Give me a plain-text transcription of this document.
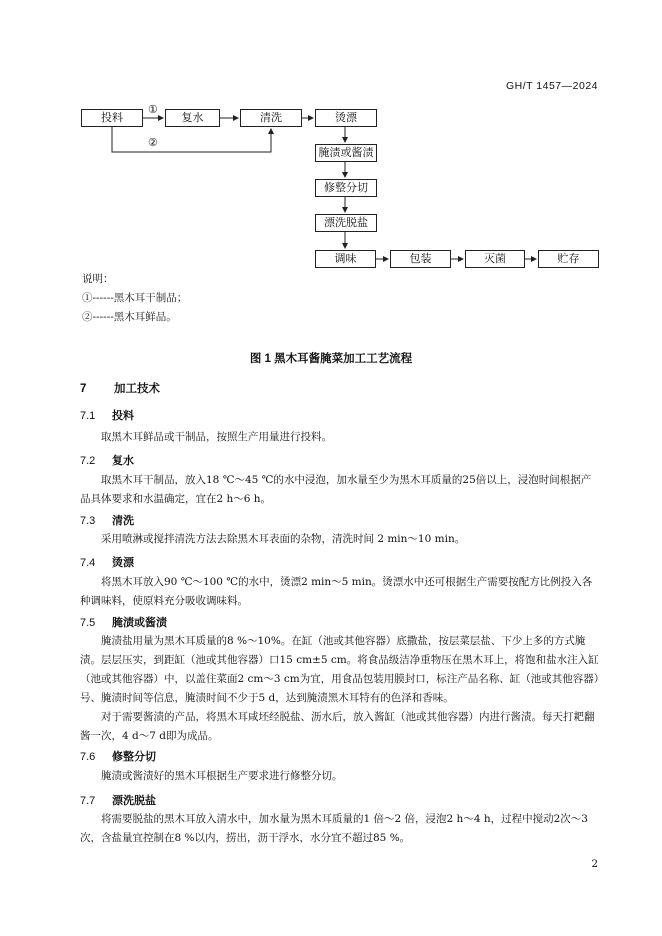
GH/T 1457—2024
投料	复水	清洗	烫漂
腌渍或酱渍
修整分切
漂洗脱盐
调味	包装	灭菌	贮存
①
②
说明：
①------黑木耳干制品；
②------黑木耳鲜品。
图 1 黑木耳酱腌菜加工工艺流程
7 加工技术
7.1 投料
取黑木耳鲜品或干制品，按照生产用量进行投料。
7.2 复水
取黑木耳干制品，放入18 ℃～45 ℃的水中浸泡，加水量至少为黑木耳质量的25倍以上，浸泡时间根据产品具体要求和水温确定，宜在2 h～6 h。
7.3 清洗
采用喷淋或搅拌清洗方法去除黑木耳表面的杂物，清洗时间 2 min～10 min。
7.4 烫漂
将黑木耳放入90 ℃～100 ℃的水中，烫漂2 min～5 min。烫漂水中还可根据生产需要按配方比例投入各种调味料，使原料充分吸收调味料。
7.5 腌渍或酱渍
腌渍盐用量为黑木耳质量的8 %～10%。在缸（池或其他容器）底撒盐，按层菜层盐、下少上多的方式腌渍。层层压实，到距缸（池或其他容器）口15 cm±5 cm。将食品级洁净重物压在黑木耳上，将饱和盐水注入缸（池或其他容器）中，以盖住菜面2 cm～3 cm为宜，用食品包装用膜封口，标注产品名称、缸（池或其他容器）号、腌渍时间等信息，腌渍时间不少于5 d，达到腌渍黑木耳特有的色泽和香味。
对于需要酱渍的产品，将黑木耳咸坯经脱盐、沥水后，放入酱缸（池或其他容器）内进行酱渍。每天打耙翻酱一次，4 d～7 d即为成品。
7.6 修整分切
腌渍或酱渍好的黑木耳根据生产要求进行修整分切。
7.7 漂洗脱盐
将需要脱盐的黑木耳放入清水中，加水量为黑木耳质量的1 倍～2 倍，浸泡2 h～4 h，过程中搅动2次～3 次，含盐量宜控制在8 %以内，捞出，沥干浮水，水分宜不超过85 %。
2
